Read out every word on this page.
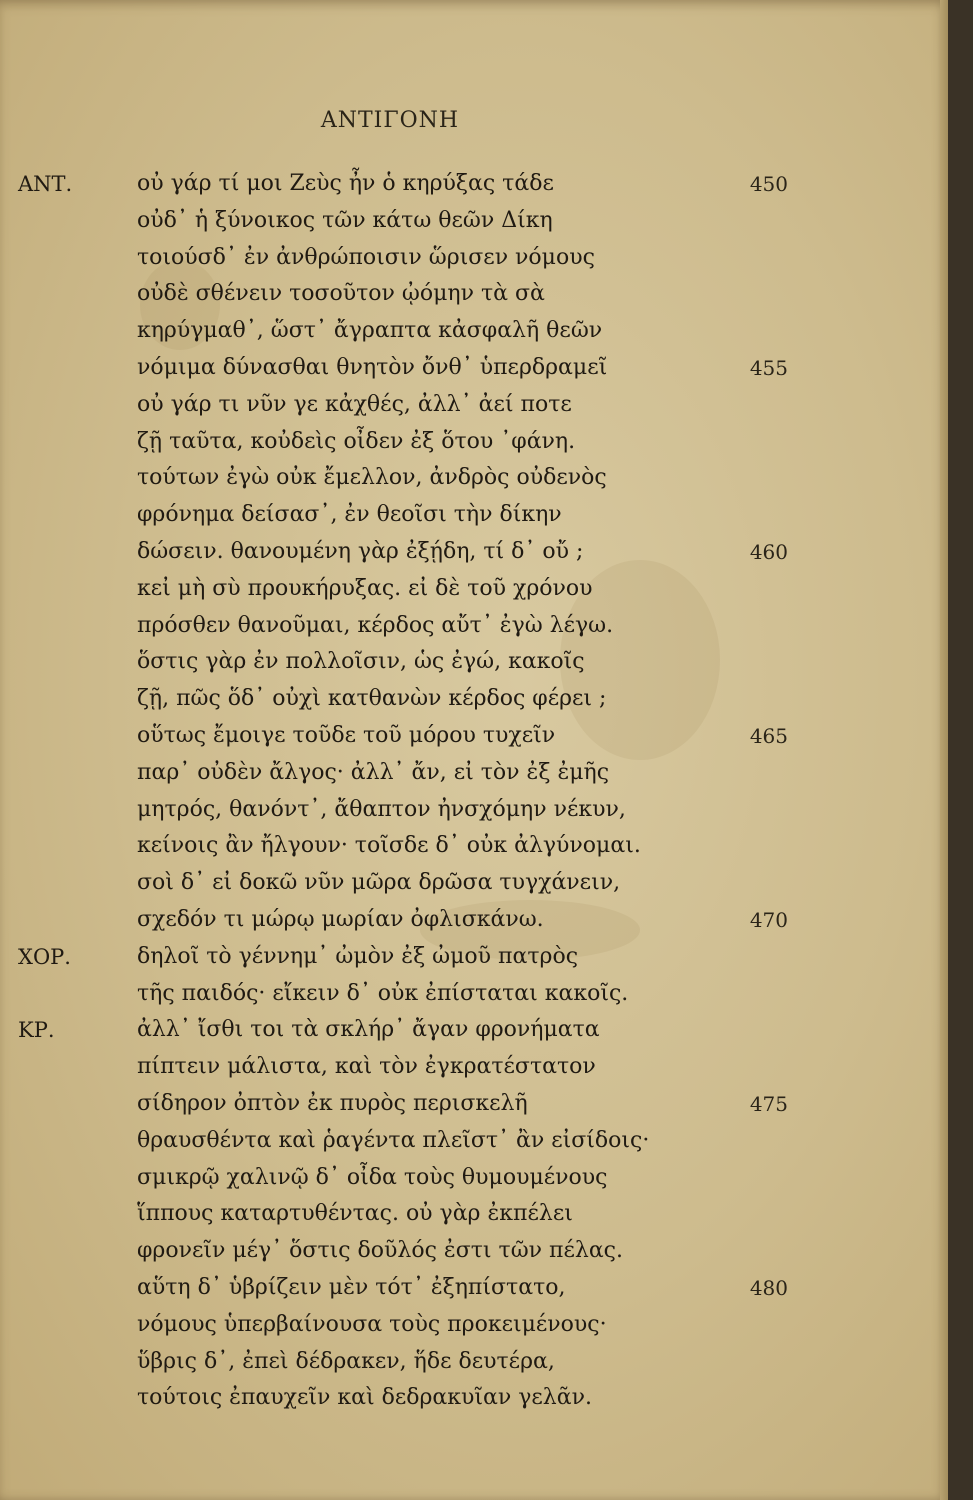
ΑΝΤΙΓΟΝΗ
οὐ γάρ τί μοι Ζεὺς ἦν ὁ κηρύξας τάδε
οὐδ᾽ ἡ ξύνοικος τῶν κάτω θεῶν Δίκη
τοιούσδ᾽ ἐν ἀνθρώποισιν ὥρισεν νόμους
οὐδὲ σθένειν τοσοῦτον ᾠόμην τὰ σὰ
κηρύγμαθ᾽, ὥστ᾽ ἄγραπτα κἀσφαλῆ θεῶν
νόμιμα δύνασθαι θνητὸν ὄνθ᾽ ὑπερδραμεῖ
οὐ γάρ τι νῦν γε κἀχθές, ἀλλ᾽ ἀεί ποτε
ζῇ ταῦτα, κοὐδεὶς οἶδεν ἐξ ὅτου ᾽φάνη.
τούτων ἐγὼ οὐκ ἔμελλον, ἀνδρὸς οὐδενὸς
φρόνημα δείσασ᾽, ἐν θεοῖσι τὴν δίκην
δώσειν. θανουμένη γὰρ ἐξῄδη, τί δ᾽ οὔ ;
κεἰ μὴ σὺ προυκήρυξας. εἰ δὲ τοῦ χρόνου
πρόσθεν θανοῦμαι, κέρδος αὔτ᾽ ἐγὼ λέγω.
ὅστις γὰρ ἐν πολλοῖσιν, ὡς ἐγώ, κακοῖς
ζῇ, πῶς ὅδ᾽ οὐχὶ κατθανὼν κέρδος φέρει ;
οὕτως ἔμοιγε τοῦδε τοῦ μόρου τυχεῖν
παρ᾽ οὐδὲν ἄλγος· ἀλλ᾽ ἄν, εἰ τὸν ἐξ ἐμῆς
μητρός, θανόντ᾽, ἄθαπτον ἠνσχόμην νέκυν,
κείνοις ἂν ἤλγουν· τοῖσδε δ᾽ οὐκ ἀλγύνομαι.
σοὶ δ᾽ εἰ δοκῶ νῦν μῶρα δρῶσα τυγχάνειν,
σχεδόν τι μώρῳ μωρίαν ὀφλισκάνω.
δηλοῖ τὸ γέννημ᾽ ὠμὸν ἐξ ὠμοῦ πατρὸς
τῆς παιδός· εἴκειν δ᾽ οὐκ ἐπίσταται κακοῖς.
ἀλλ᾽ ἴσθι τοι τὰ σκλήρ᾽ ἄγαν φρονήματα
πίπτειν μάλιστα, καὶ τὸν ἐγκρατέστατον
σίδηρον ὀπτὸν ἐκ πυρὸς περισκελῆ
θραυσθέντα καὶ ῥαγέντα πλεῖστ᾽ ἂν εἰσίδοις·
σμικρῷ χαλινῷ δ᾽ οἶδα τοὺς θυμουμένους
ἵππους καταρτυθέντας. οὐ γὰρ ἐκπέλει
φρονεῖν μέγ᾽ ὅστις δοῦλός ἐστι τῶν πέλας.
αὕτη δ᾽ ὑβρίζειν μὲν τότ᾽ ἐξηπίστατο,
νόμους ὑπερβαίνουσα τοὺς προκειμένους·
ὕβρις δ᾽, ἐπεὶ δέδρακεν, ἥδε δευτέρα,
τούτοις ἐπαυχεῖν καὶ δεδρακυῖαν γελᾶν.
ΑΝΤ.
ΧΟΡ.
ΚΡ.
450
455
460
465
470
475
480
